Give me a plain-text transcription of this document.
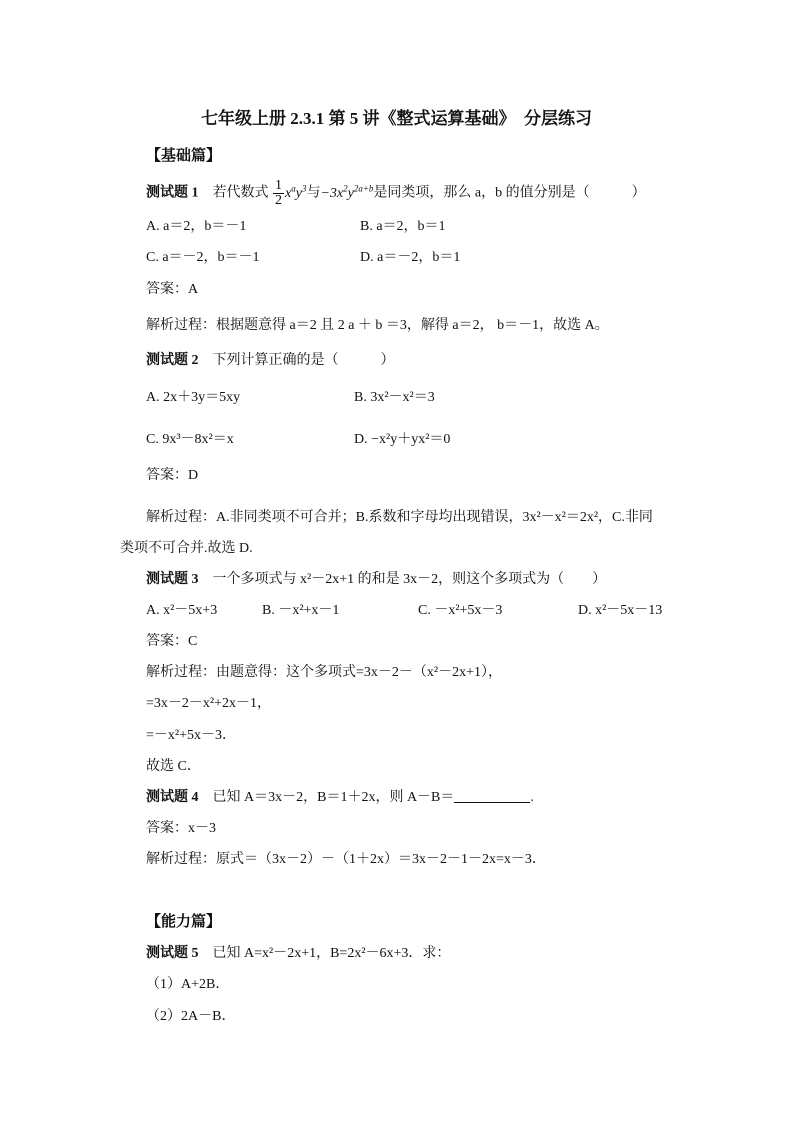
七年级上册 2.3.1 第 5 讲《整式运算基础》　分层练习
【基础篇】
测试题 1　 若代数式 $\frac{1}{2} x^ay^3$与$-3x^2y^{2a+b}$是同类项，那么 a，b 的值分别是（　　　）
A. a＝2，b＝－1	B. a＝2，b＝1
C. a＝－2，b＝－1	D. a＝－2，b＝1
答案：A
解析过程：根据题意得 a＝2 且 2 a ＋ b ＝3，解得 a＝2， b＝－1，故选 A。
测试题 2　 下列计算正确的是（　　　）
A. 2x＋3y＝5xy	B. 3x²－x²＝3
C. 9x³－8x²＝x	D. −x²y＋yx²＝0
答案：D
解析过程：A.非同类项不可合并；B.系数和字母均出现错误，3x²－x²＝2x²，C.非同
类项不可合并.故选 D.
测试题 3　 一个多项式与 x²－2x+1 的和是 3x－2，则这个多项式为（　　）
A. x²－5x+3	B. －x²+x－1	C. －x²+5x－3	D. x²－5x－13
答案：C
解析过程：由题意得：这个多项式=3x－2－（x²－2x+1），
=3x－2－x²+2x－1，
=－x²+5x－3．
故选 C．
测试题 4　 已知 A＝3x－2，B＝1＋2x，则 A－B＝	.
答案：x－3
解析过程：原式＝（3x－2）－（1＋2x）＝3x－2－1－2x=x－3．
【能力篇】
测试题 5　 已知 A=x²－2x+1，B=2x²－6x+3．求：
（1）A+2B．
（2）2A－B．
